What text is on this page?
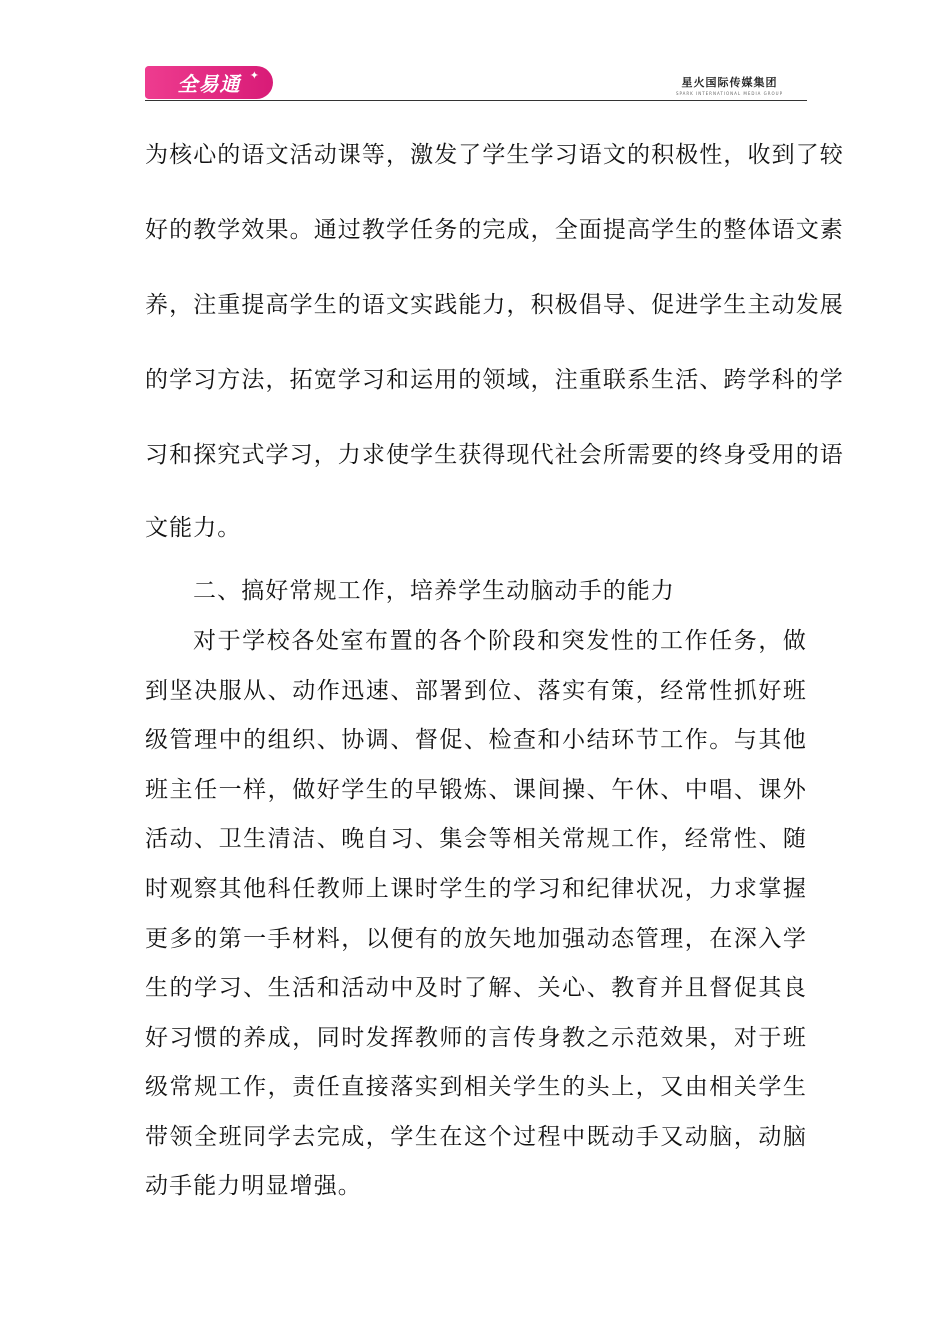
全易通 ✦
星火国际传媒集团
SPARK INTERNATIONAL MEDIA GROUP
为核心的语文活动课等，激发了学生学习语文的积极性，收到了较
好的教学效果。通过教学任务的完成，全面提高学生的整体语文素
养，注重提高学生的语文实践能力，积极倡导、促进学生主动发展
的学习方法，拓宽学习和运用的领域，注重联系生活、跨学科的学
习和探究式学习，力求使学生获得现代社会所需要的终身受用的语
文能力。
二、搞好常规工作，培养学生动脑动手的能力
对于学校各处室布置的各个阶段和突发性的工作任务，做
到坚决服从、动作迅速、部署到位、落实有策，经常性抓好班
级管理中的组织、协调、督促、检查和小结环节工作。与其他
班主任一样，做好学生的早锻炼、课间操、午休、中唱、课外
活动、卫生清洁、晚自习、集会等相关常规工作，经常性、随
时观察其他科任教师上课时学生的学习和纪律状况，力求掌握
更多的第一手材料，以便有的放矢地加强动态管理，在深入学
生的学习、生活和活动中及时了解、关心、教育并且督促其良
好习惯的养成，同时发挥教师的言传身教之示范效果，对于班
级常规工作，责任直接落实到相关学生的头上，又由相关学生
带领全班同学去完成，学生在这个过程中既动手又动脑，动脑
动手能力明显增强。
